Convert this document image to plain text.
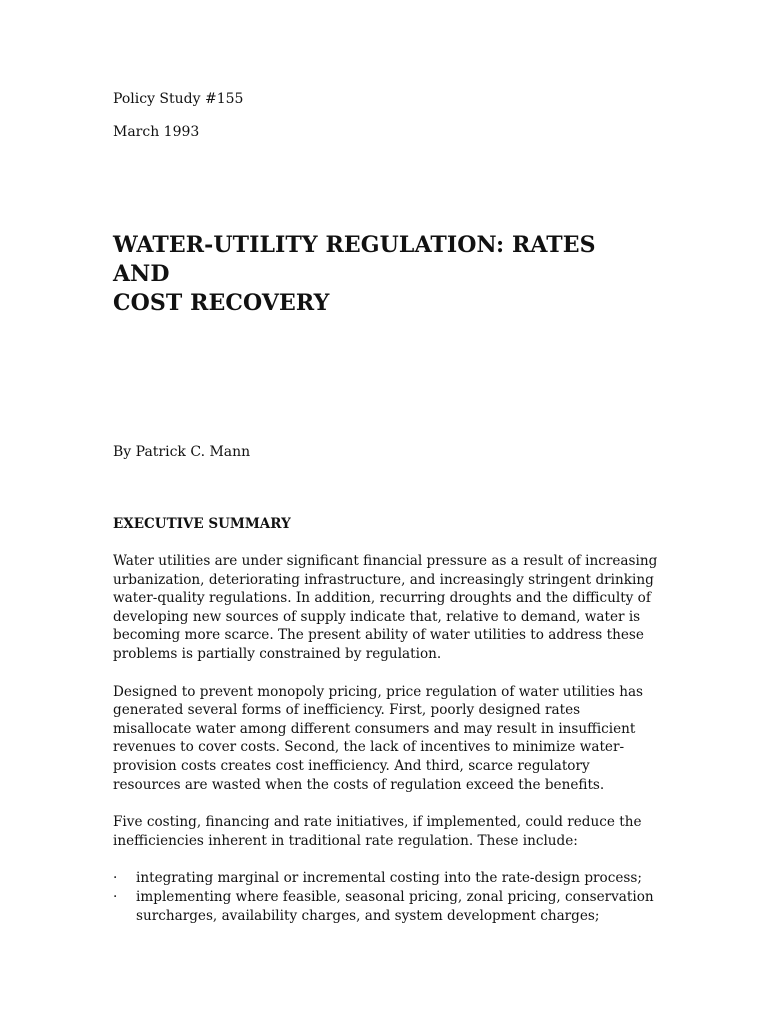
Policy Study #155

March 1993

WATER-UTILITY REGULATION: RATES AND
COST RECOVERY

By Patrick C. Mann

EXECUTIVE SUMMARY

Water utilities are under significant financial pressure as a result of increasing urbanization, deteriorating infrastructure, and increasingly stringent drinking water-quality regulations. In addition, recurring droughts and the difficulty of developing new sources of supply indicate that, relative to demand, water is becoming more scarce. The present ability of water utilities to address these problems is partially constrained by regulation.

Designed to prevent monopoly pricing, price regulation of water utilities has generated several forms of inefficiency. First, poorly designed rates misallocate water among different consumers and may result in insufficient revenues to cover costs. Second, the lack of incentives to minimize water-provision costs creates cost inefficiency. And third, scarce regulatory resources are wasted when the costs of regulation exceed the benefits.

Five costing, financing and rate initiatives, if implemented, could reduce the inefficiencies inherent in traditional rate regulation. These include:

·	integrating marginal or incremental costing into the rate-design process;
·	implementing where feasible, seasonal pricing, zonal pricing, conservation surcharges, availability charges, and system development charges;
